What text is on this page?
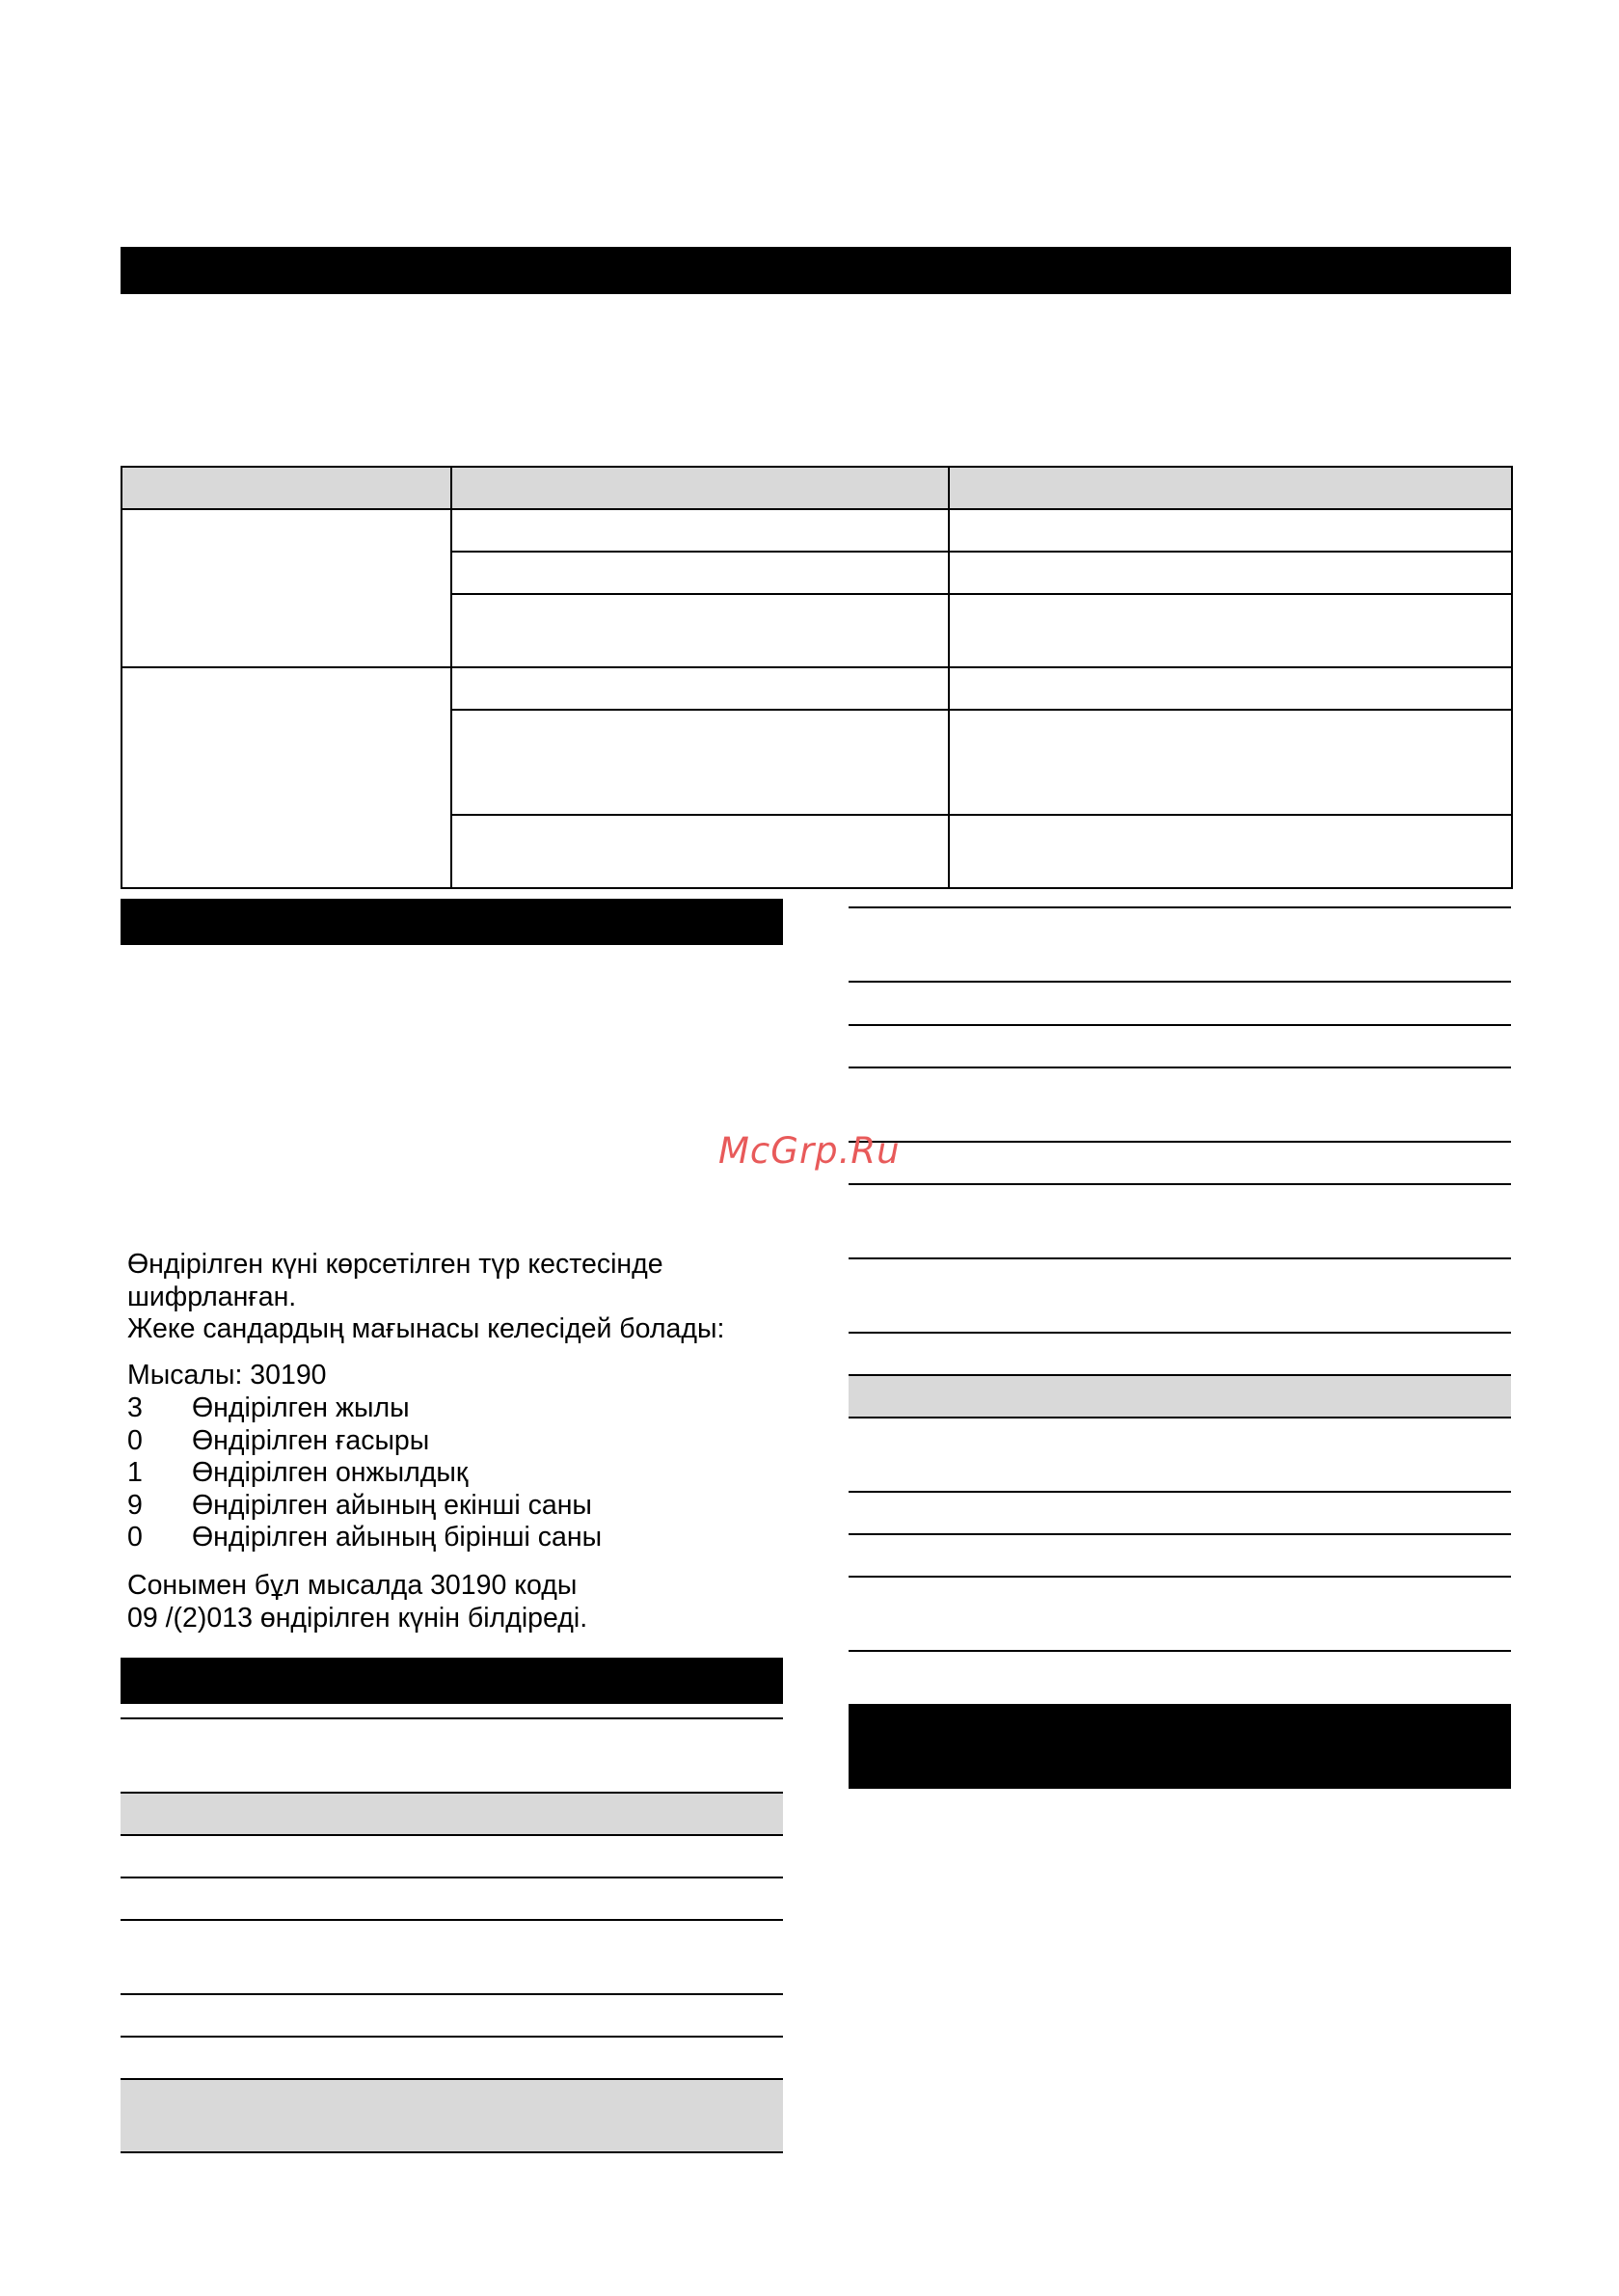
McGrp.Ru

Өндірілген күні көрсетілген түр кестесінде

шифрланған.

Жеке сандардың мағынасы келесідей болады:

Мысалы: 30190

3	Өндірілген жылы
0	Өндірілген ғасыры
1	Өндірілген онжылдық
9	Өндірілген айының екінші саны
0	Өндірілген айының бірінші саны

Сонымен бұл мысалда 30190 коды

09 /(2)013 өндірілген күнін білдіреді.
